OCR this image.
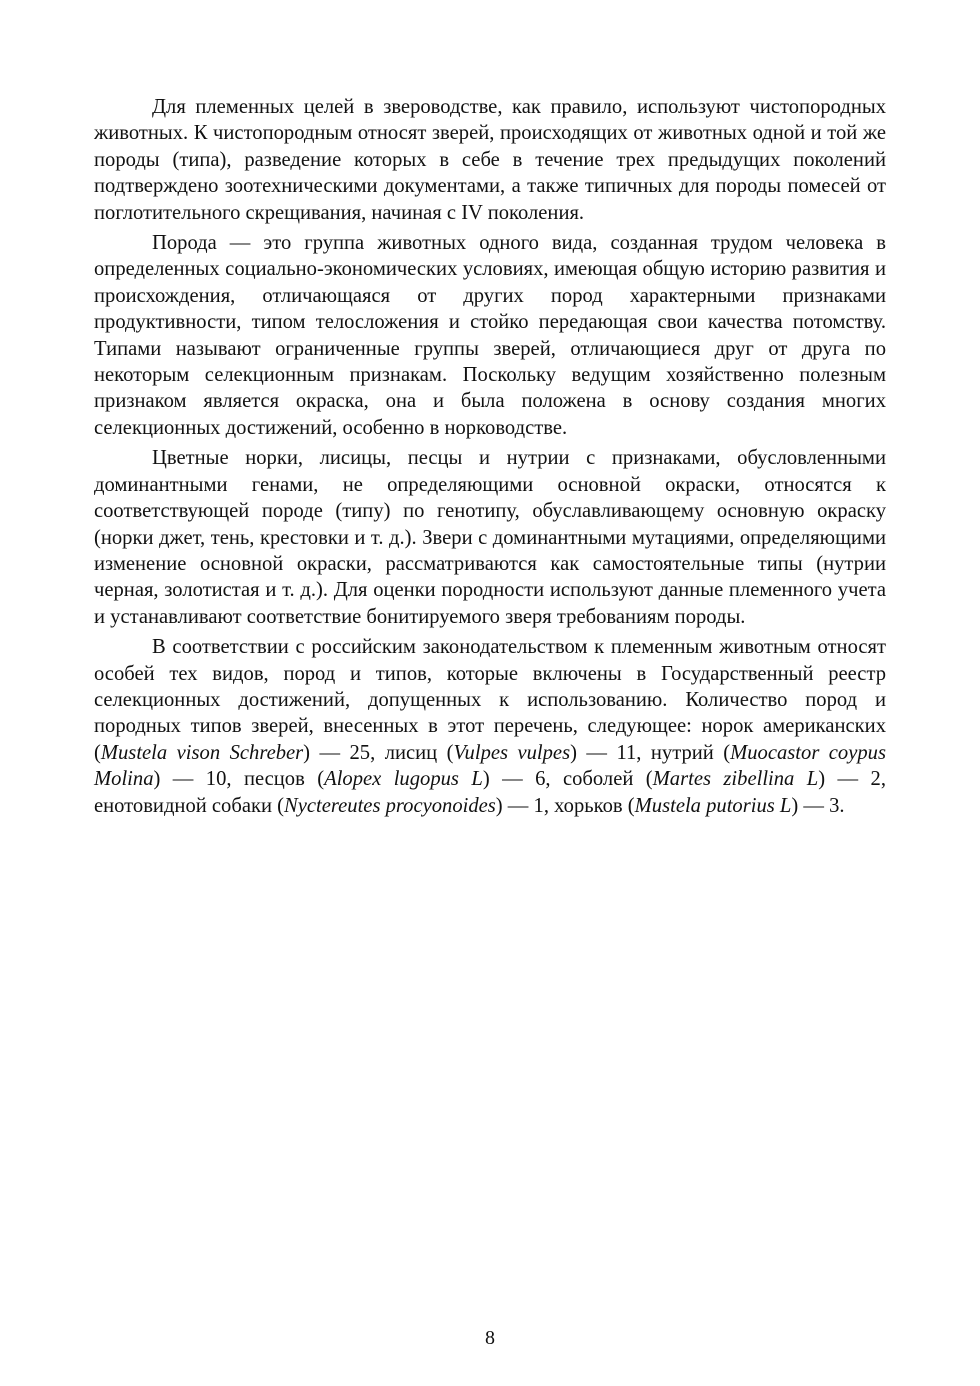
Для племенных целей в звероводстве, как правило, используют чистопородных животных. К чистопородным относят зверей, происходящих от животных одной и той же породы (типа), разведение которых в себе в течение трех предыдущих поколений подтверждено зоотехническими документами, а также типичных для породы помесей от поглотительного скрещивания, начиная с IV поколения.

Порода — это группа животных одного вида, созданная трудом человека в определенных социально-экономических условиях, имеющая общую историю развития и происхождения, отличающаяся от других пород характерными признаками продуктивности, типом телосложения и стойко передающая свои качества потомству. Типами называют ограниченные группы зверей, отличающиеся друг от друга по некоторым селекционным признакам. Поскольку ведущим хозяйственно полезным признаком является окраска, она и была положена в основу создания многих селекционных достижений, особенно в норководстве.

Цветные норки, лисицы, песцы и нутрии с признаками, обусловленными доминантными генами, не определяющими основной окраски, относятся к соответствующей породе (типу) по генотипу, обуславливающему основную окраску (норки джет, тень, крестовки и т. д.). Звери с доминантными мутациями, определяющими изменение основной окраски, рассматриваются как самостоятельные типы (нутрии черная, золотистая и т. д.). Для оценки породности используют данные племенного учета и устанавливают соответствие бонитируемого зверя требованиям породы.

В соответствии с российским законодательством к племенным животным относят особей тех видов, пород и типов, которые включены в Государственный реестр селекционных достижений, допущенных к использованию. Количество пород и породных типов зверей, внесенных в этот перечень, следующее: норок американских (Mustela vison Schreber) — 25, лисиц (Vulpes vulpes) — 11, нутрий (Muocastor coypus Molina) — 10, песцов (Alopex lugopus L) — 6, соболей (Martes zibellina L) — 2, енотовидной собаки (Nyctereutes procyonoides) — 1, хорьков (Mustela putorius L) — 3.

8
